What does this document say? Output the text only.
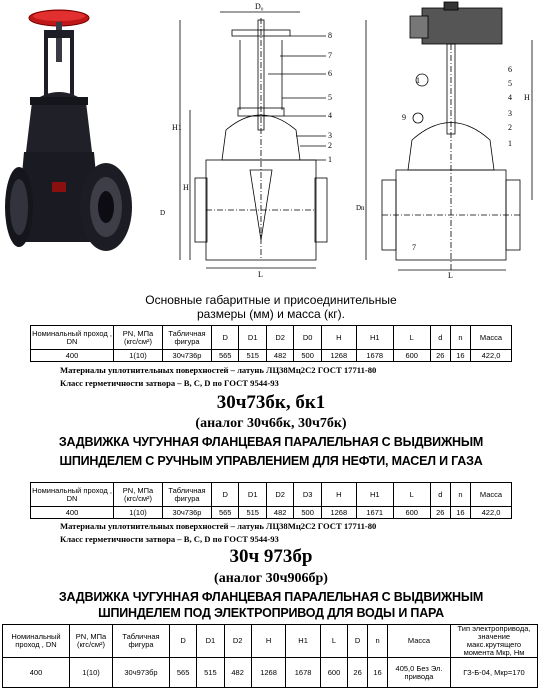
D₀
H1
H
D
L
8
7
6
5
4
3
2
1
L
H
Dn
6
5
4
3
2
1
1
9
7
Основные габаритные и присоединительные
размеры (мм) и масса (кг).
Номинальный проход , DN	PN, МПа (кгс/см²)	Табличная фигура	D	D1	D2	D0	H	H1	L	d	n	Масса
400	1(10)	30ч736р	565	515	482	500	1268	1678	600	26	16	422,0
Материалы уплотнительных поверхностей – латунь ЛЦ38Мц2С2 ГОСТ 17711-80
Класс герметичности затвора – В, С, D по ГОСТ 9544-93
30ч73бк, бк1
(аналог 30ч6бк, 30ч7бк)
ЗАДВИЖКА ЧУГУННАЯ ФЛАНЦЕВАЯ ПАРАЛЕЛЬНАЯ С ВЫДВИЖНЫМ
ШПИНДЕЛЕМ С РУЧНЫМ УПРАВЛЕНИЕМ ДЛЯ НЕФТИ, МАСЕЛ И ГАЗА
Номинальный проход , DN	PN, МПа (кгс/см²)	Табличная фигура	D	D1	D2	D3	H	H1	L	d	n	Масса
400	1(10)	30ч736р	565	515	482	500	1268	1671	600	26	16	422,0
Материалы уплотнительных поверхностей – латунь ЛЦ38Мц2С2 ГОСТ 17711-80
Класс герметичности затвора – В, С, D по ГОСТ 9544-93
30ч 973бр
(аналог 30ч906бр)
ЗАДВИЖКА ЧУГУННАЯ ФЛАНЦЕВАЯ ПАРАЛЕЛЬНАЯ С ВЫДВИЖНЫМ
ШПИНДЕЛЕМ ПОД ЭЛЕКТРОПРИВОД ДЛЯ ВОДЫ И ПАРА
Номинальный проход , DN	PN, МПа (кгс/см²)	Табличная фигура	D	D1	D2	H	H1	L	D	n	Масса	Тип электропривода, значение макс.крутящего момента Мкр, Нм
400	1(10)	30ч973бр	565	515	482	1268	1678	600	26	16	405,0 Без Эл. привода	ГЗ-Б-04, Мкр=170
